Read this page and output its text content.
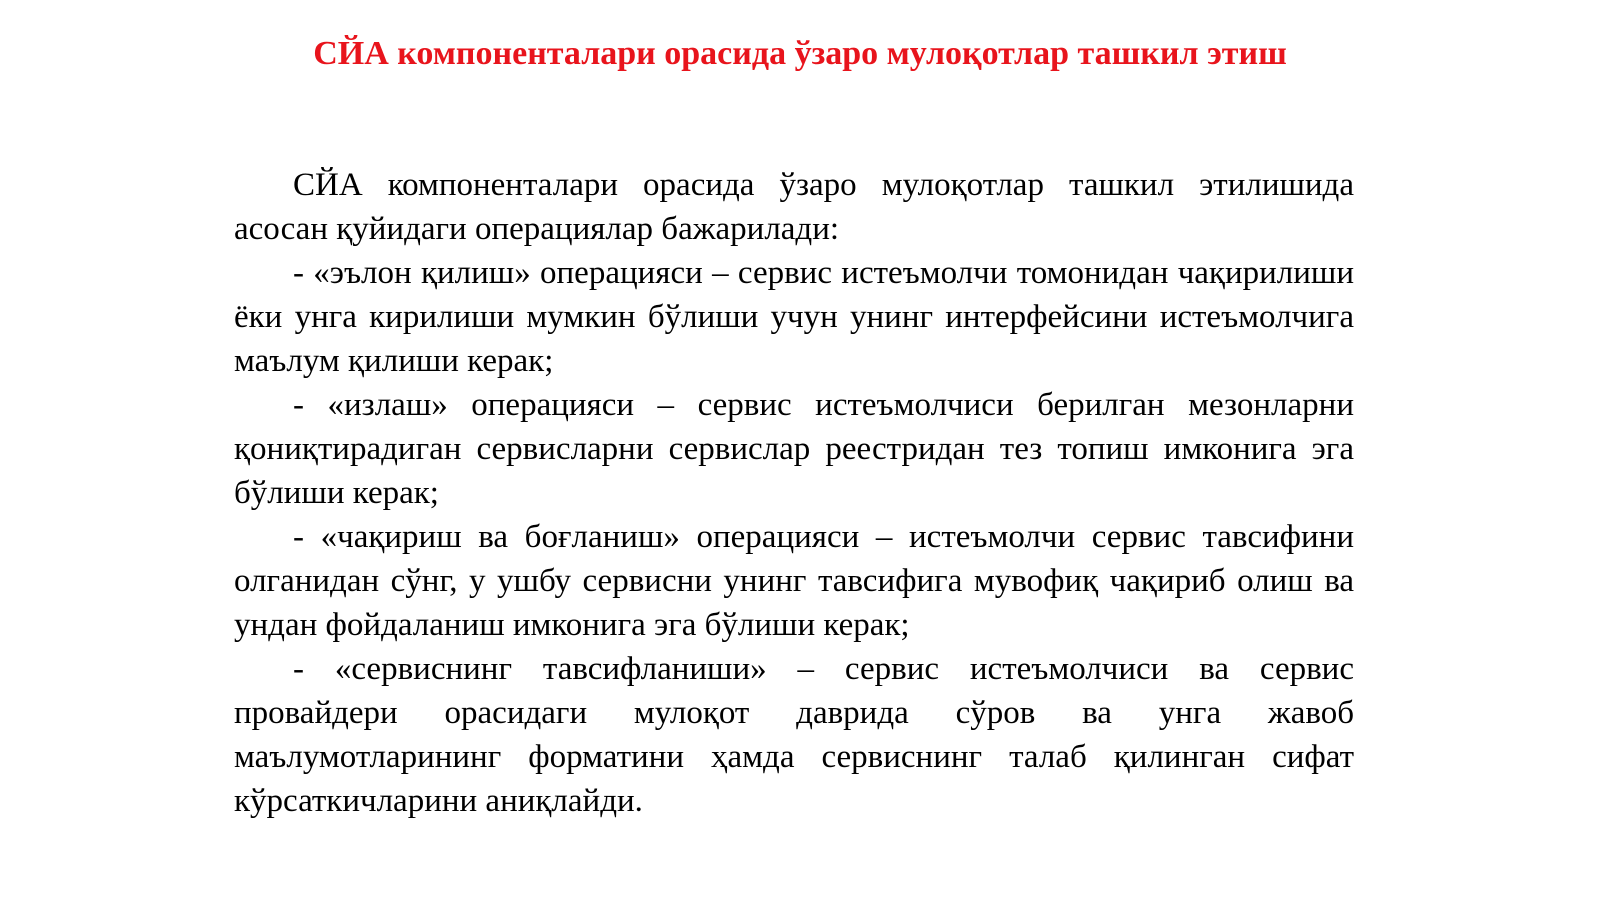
СЙА компоненталари орасида ўзаро мулоқотлар ташкил этиш

СЙА компоненталари орасида ўзаро мулоқотлар ташкил этилишида асосан қуйидаги операциялар бажарилади:

- «эълон қилиш» операцияси – сервис истеъмолчи томонидан чақирилиши ёки унга кирилиши мумкин бўлиши учун унинг интерфейсини истеъмолчига маълум қилиши керак;

- «излаш» операцияси – сервис истеъмолчиси берилган мезонларни қониқтирадиган сервисларни сервислар реестридан тез топиш имконига эга бўлиши керак;

- «чақириш ва боғланиш» операцияси – истеъмолчи сервис тавсифини олганидан сўнг, у ушбу сервисни унинг тавсифига мувофиқ чақириб олиш ва ундан фойдаланиш имконига эга бўлиши керак;

- «сервиснинг тавсифланиши» – сервис истеъмолчиси ва сервис провайдери орасидаги мулоқот даврида сўров ва унга жавоб маълумотларининг форматини ҳамда сервиснинг талаб қилинган сифат кўрсаткичларини аниқлайди.
